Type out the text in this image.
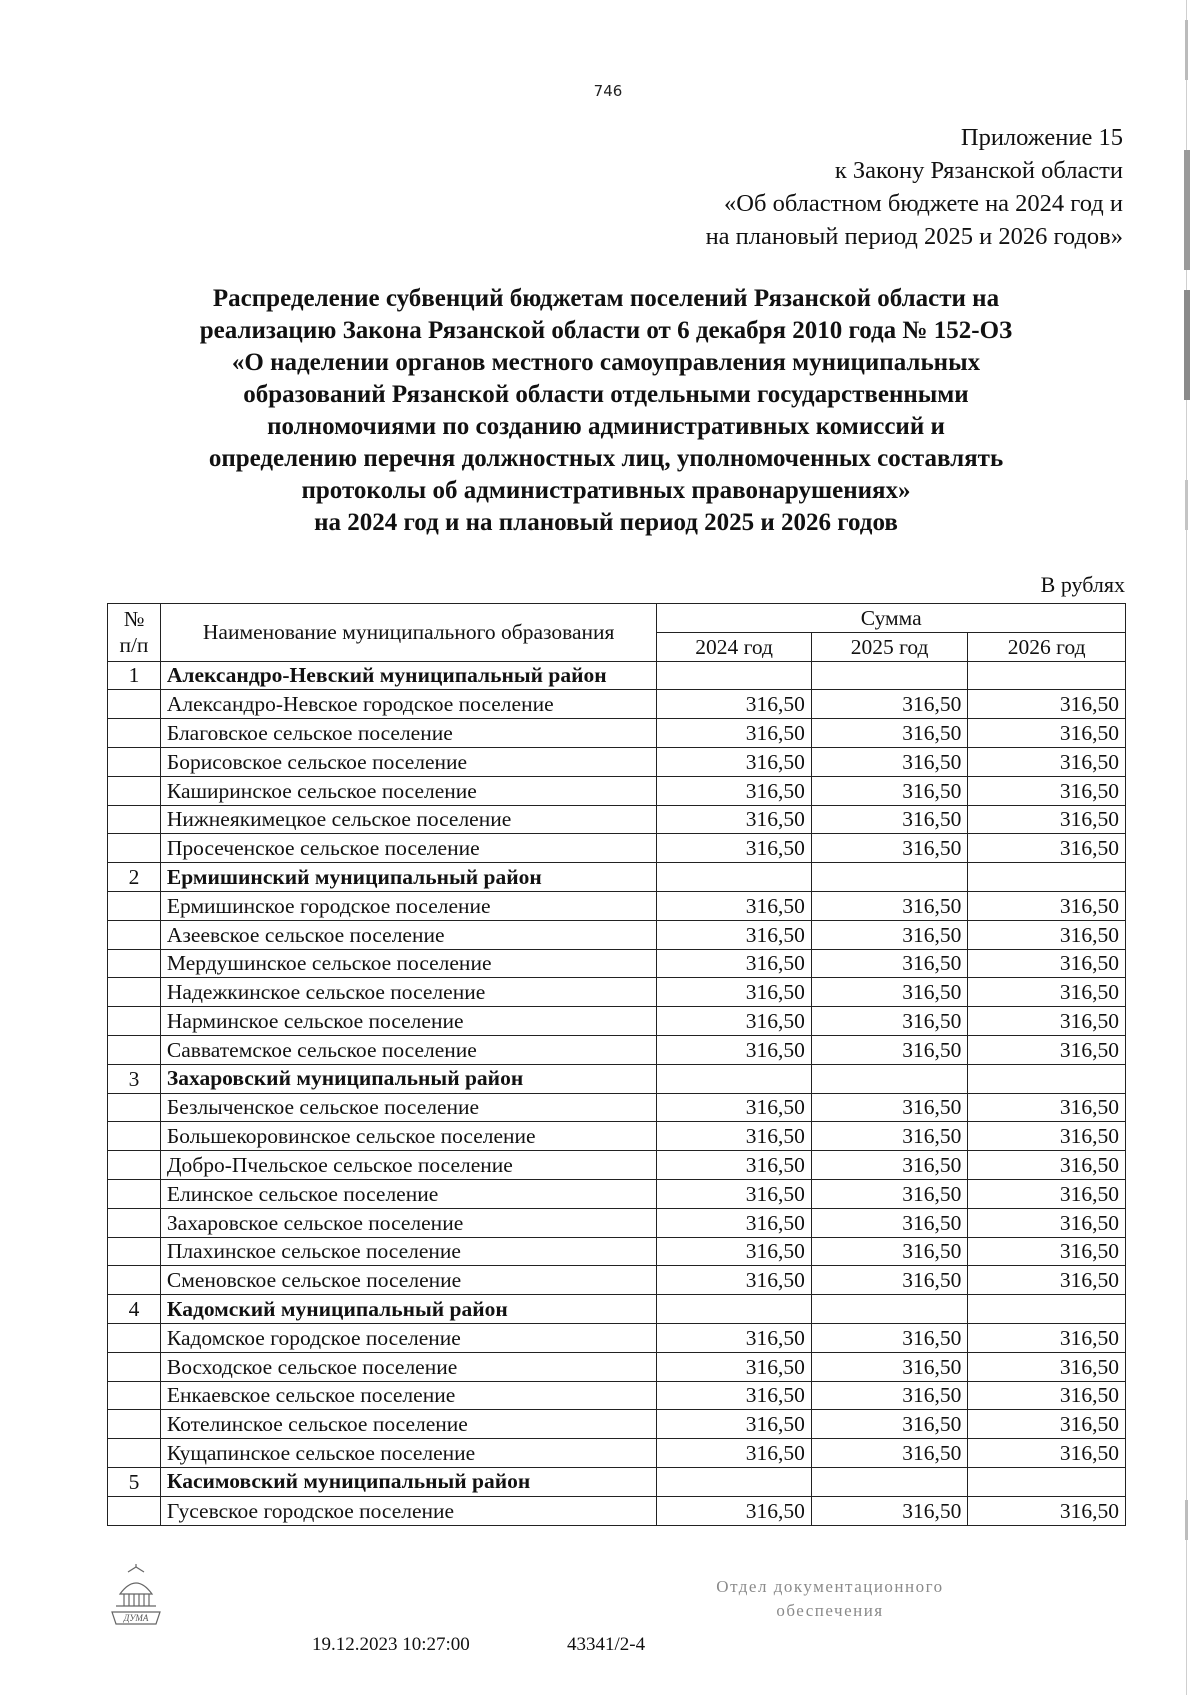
746
Приложение 15
к Закону Рязанской области
«Об областном бюджете на 2024 год и
на плановый период 2025 и 2026 годов»
Распределение субвенций бюджетам поселений Рязанской области на
реализацию Закона Рязанской области от 6 декабря 2010 года № 152-ОЗ
«О наделении органов местного самоуправления муниципальных
образований Рязанской области отдельными государственными
полномочиями по созданию административных комиссий и
определению перечня должностных лиц, уполномоченных составлять
протоколы об административных правонарушениях»
на 2024 год и на плановый период 2025 и 2026 годов
В рублях
№ п/п	Наименование муниципального образования	Сумма		
		2024 год	2025 год	2026 год
1	Александро-Невский муниципальный район			
	Александро-Невское городское поселение	316,50	316,50	316,50
	Благовское сельское поселение	316,50	316,50	316,50
	Борисовское сельское поселение	316,50	316,50	316,50
	Каширинское сельское поселение	316,50	316,50	316,50
	Нижнеякимецкое сельское поселение	316,50	316,50	316,50
	Просеченское сельское поселение	316,50	316,50	316,50
2	Ермишинский муниципальный район			
	Ермишинское городское поселение	316,50	316,50	316,50
	Азеевское сельское поселение	316,50	316,50	316,50
	Мердушинское сельское поселение	316,50	316,50	316,50
	Надежкинское сельское поселение	316,50	316,50	316,50
	Нарминское сельское поселение	316,50	316,50	316,50
	Савватемское сельское поселение	316,50	316,50	316,50
3	Захаровский муниципальный район			
	Безлыченское сельское поселение	316,50	316,50	316,50
	Большекоровинское сельское поселение	316,50	316,50	316,50
	Добро-Пчельское сельское поселение	316,50	316,50	316,50
	Елинское сельское поселение	316,50	316,50	316,50
	Захаровское сельское поселение	316,50	316,50	316,50
	Плахинское сельское поселение	316,50	316,50	316,50
	Сменовское сельское поселение	316,50	316,50	316,50
4	Кадомский муниципальный район			
	Кадомское городское поселение	316,50	316,50	316,50
	Восходское сельское поселение	316,50	316,50	316,50
	Енкаевское сельское поселение	316,50	316,50	316,50
	Котелинское сельское поселение	316,50	316,50	316,50
	Кущапинское сельское поселение	316,50	316,50	316,50
5	Касимовский муниципальный район			
	Гусевское городское поселение	316,50	316,50	316,50
ДУМА
Отдел документационного
обеспечения
19.12.2023 10:27:00	43341/2-4
